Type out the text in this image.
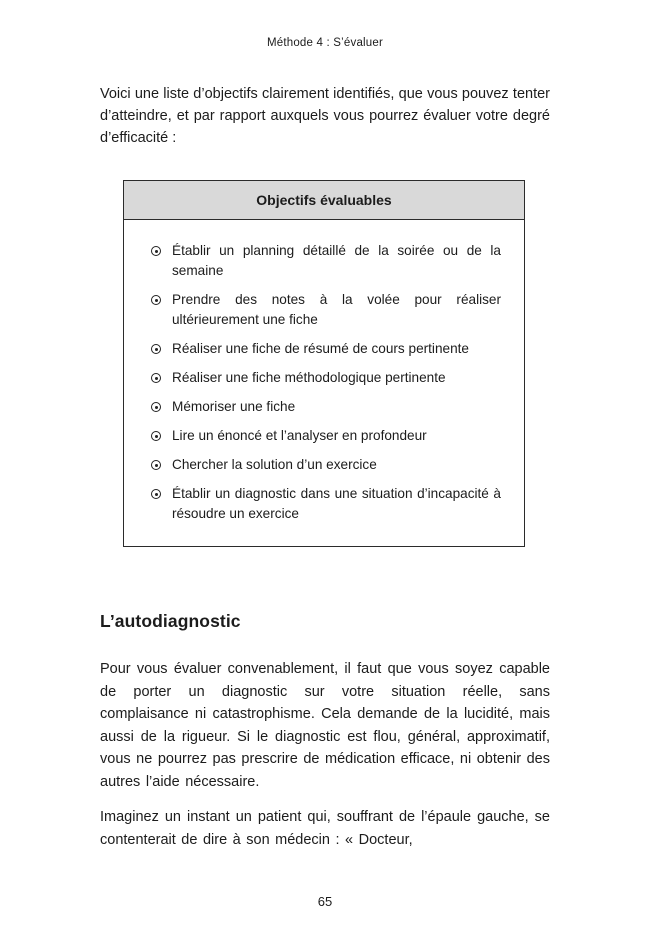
Méthode 4 : S’évaluer

Voici une liste d’objectifs clairement identifiés, que vous pouvez tenter d’atteindre, et par rapport auxquels vous pourrez évaluer votre degré d’efficacité :

Objectifs évaluables
Établir un planning détaillé de la soirée ou de la semaine
Prendre des notes à la volée pour réaliser ultérieurement une fiche
Réaliser une fiche de résumé de cours pertinente
Réaliser une fiche méthodologique pertinente
Mémoriser une fiche
Lire un énoncé et l’analyser en profondeur
Chercher la solution d’un exercice
Établir un diagnostic dans une situation d’incapacité à résoudre un exercice
L’autodiagnostic

Pour vous évaluer convenablement, il faut que vous soyez capable de porter un diagnostic sur votre situation réelle, sans complaisance ni catastrophisme. Cela demande de la lucidité, mais aussi de la rigueur. Si le diagnostic est flou, général, approximatif, vous ne pourrez pas prescrire de médication efficace, ni obtenir des autres l’aide nécessaire.

Imaginez un instant un patient qui, souffrant de l’épaule gauche, se contenterait de dire à son médecin : « Docteur,

65
